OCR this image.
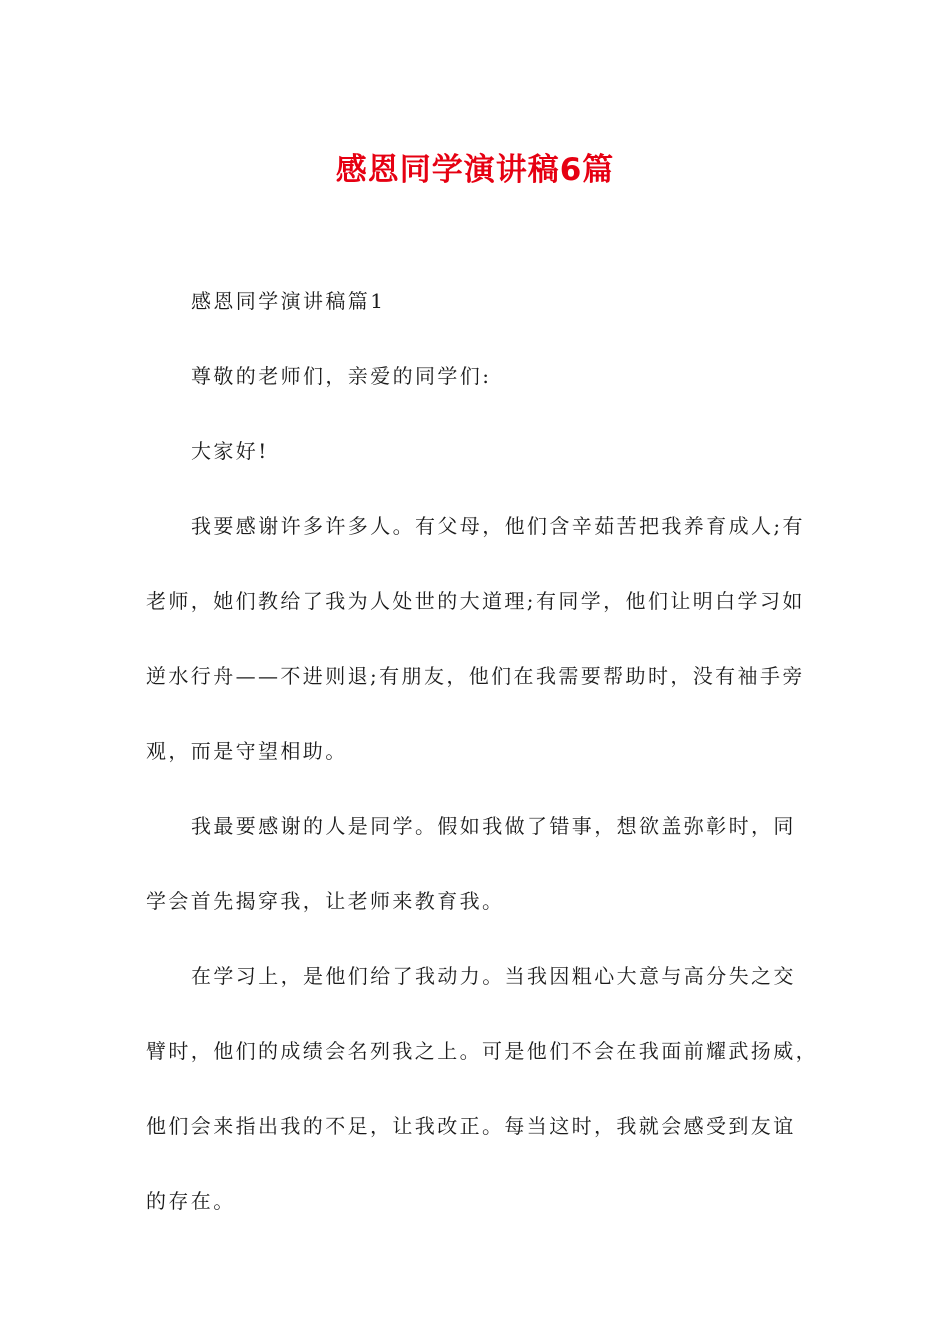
感恩同学演讲稿6篇
感恩同学演讲稿篇1
尊敬的老师们，亲爱的同学们:
大家好!
我要感谢许多许多人。有父母，他们含辛茹苦把我养育成人;有
老师，她们教给了我为人处世的大道理;有同学，他们让明白学习如
逆水行舟——不进则退;有朋友，他们在我需要帮助时，没有袖手旁
观，而是守望相助。
我最要感谢的人是同学。假如我做了错事，想欲盖弥彰时，同
学会首先揭穿我，让老师来教育我。
在学习上，是他们给了我动力。当我因粗心大意与高分失之交
臂时，他们的成绩会名列我之上。可是他们不会在我面前耀武扬威，
他们会来指出我的不足，让我改正。每当这时，我就会感受到友谊
的存在。
